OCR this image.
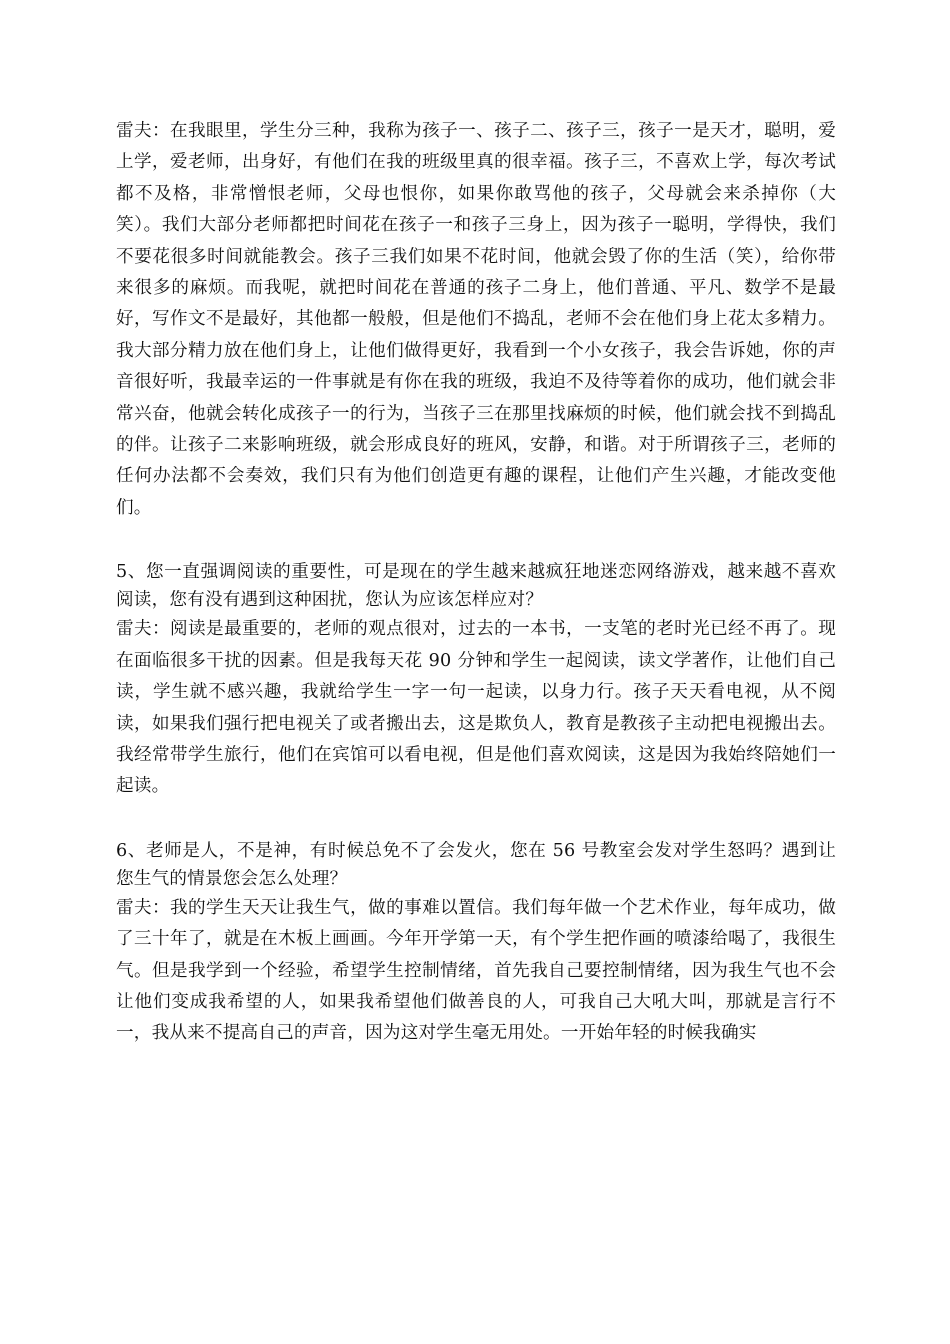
雷夫：在我眼里，学生分三种，我称为孩子一、孩子二、孩子三，孩子一是天才，聪明，爱上学，爱老师，出身好，有他们在我的班级里真的很幸福。孩子三，不喜欢上学，每次考试都不及格，非常憎恨老师，父母也恨你，如果你敢骂他的孩子，父母就会来杀掉你（大笑）。我们大部分老师都把时间花在孩子一和孩子三身上，因为孩子一聪明，学得快，我们不要花很多时间就能教会。孩子三我们如果不花时间，他就会毁了你的生活（笑），给你带来很多的麻烦。而我呢，就把时间花在普通的孩子二身上，他们普通、平凡、数学不是最好，写作文不是最好，其他都一般般，但是他们不捣乱，老师不会在他们身上花太多精力。我大部分精力放在他们身上，让他们做得更好，我看到一个小女孩子，我会告诉她，你的声音很好听，我最幸运的一件事就是有你在我的班级，我迫不及待等着你的成功，他们就会非常兴奋，他就会转化成孩子一的行为，当孩子三在那里找麻烦的时候，他们就会找不到捣乱的伴。让孩子二来影响班级，就会形成良好的班风，安静，和谐。对于所谓孩子三，老师的任何办法都不会奏效，我们只有为他们创造更有趣的课程，让他们产生兴趣，才能改变他们。

5、您一直强调阅读的重要性，可是现在的学生越来越疯狂地迷恋网络游戏，越来越不喜欢阅读，您有没有遇到这种困扰，您认为应该怎样应对？

雷夫：阅读是最重要的，老师的观点很对，过去的一本书，一支笔的老时光已经不再了。现在面临很多干扰的因素。但是我每天花 90 分钟和学生一起阅读，读文学著作，让他们自己读，学生就不感兴趣，我就给学生一字一句一起读，以身力行。孩子天天看电视，从不阅读，如果我们强行把电视关了或者搬出去，这是欺负人，教育是教孩子主动把电视搬出去。我经常带学生旅行，他们在宾馆可以看电视，但是他们喜欢阅读，这是因为我始终陪她们一起读。

6、老师是人，不是神，有时候总免不了会发火，您在 56 号教室会发对学生怒吗？遇到让您生气的情景您会怎么处理？

雷夫：我的学生天天让我生气，做的事难以置信。我们每年做一个艺术作业，每年成功，做了三十年了，就是在木板上画画。今年开学第一天，有个学生把作画的喷漆给喝了，我很生气。但是我学到一个经验，希望学生控制情绪，首先我自己要控制情绪，因为我生气也不会让他们变成我希望的人，如果我希望他们做善良的人，可我自己大吼大叫，那就是言行不一，我从来不提高自己的声音，因为这对学生毫无用处。一开始年轻的时候我确实
